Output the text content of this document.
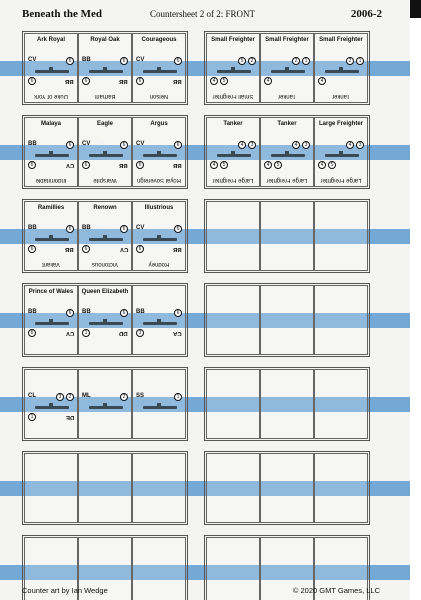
Beneath the Med	Countersheet 2 of 2: FRONT	2006-2
Ark Royal
CV »»	6
BB
6
Duke of York
Royal Oak
BB »»	6
BB
6
Barham
Courageous
CV »»	6
BB
6
Nelson
Small Freighter
2
5
4	5
Small Freighter
Small Freighter
1
2
4
Tanker
Small Freighter
1
2
4
Tanker
Malaya
BB	6
CV
6
Indomitable
Eagle
CV »»	6
BB
6
Warspite
Argus
CV	6
BB
6
Royal Sovereign
Tanker
3
4
4	5
Large Freighter
Tanker
3
4
4	5
Large Freighter
Large Freighter
3
4
4	5
Large Freighter
Ramillies
BB	6
BB
6
Valiant
Renown
BB »»	6
CV
6
Victorious
Illustrious
CV »»	6
BB
6
Rodney
Prince of Wales
BB	6
CV
6
Queen Elizabeth
BB	6
DD
1
BB	6
CA
3
CL	2
3
DE
1
ML	2	SS	1
Counter art by Ian Wedge	© 2020 GMT Games, LLC
